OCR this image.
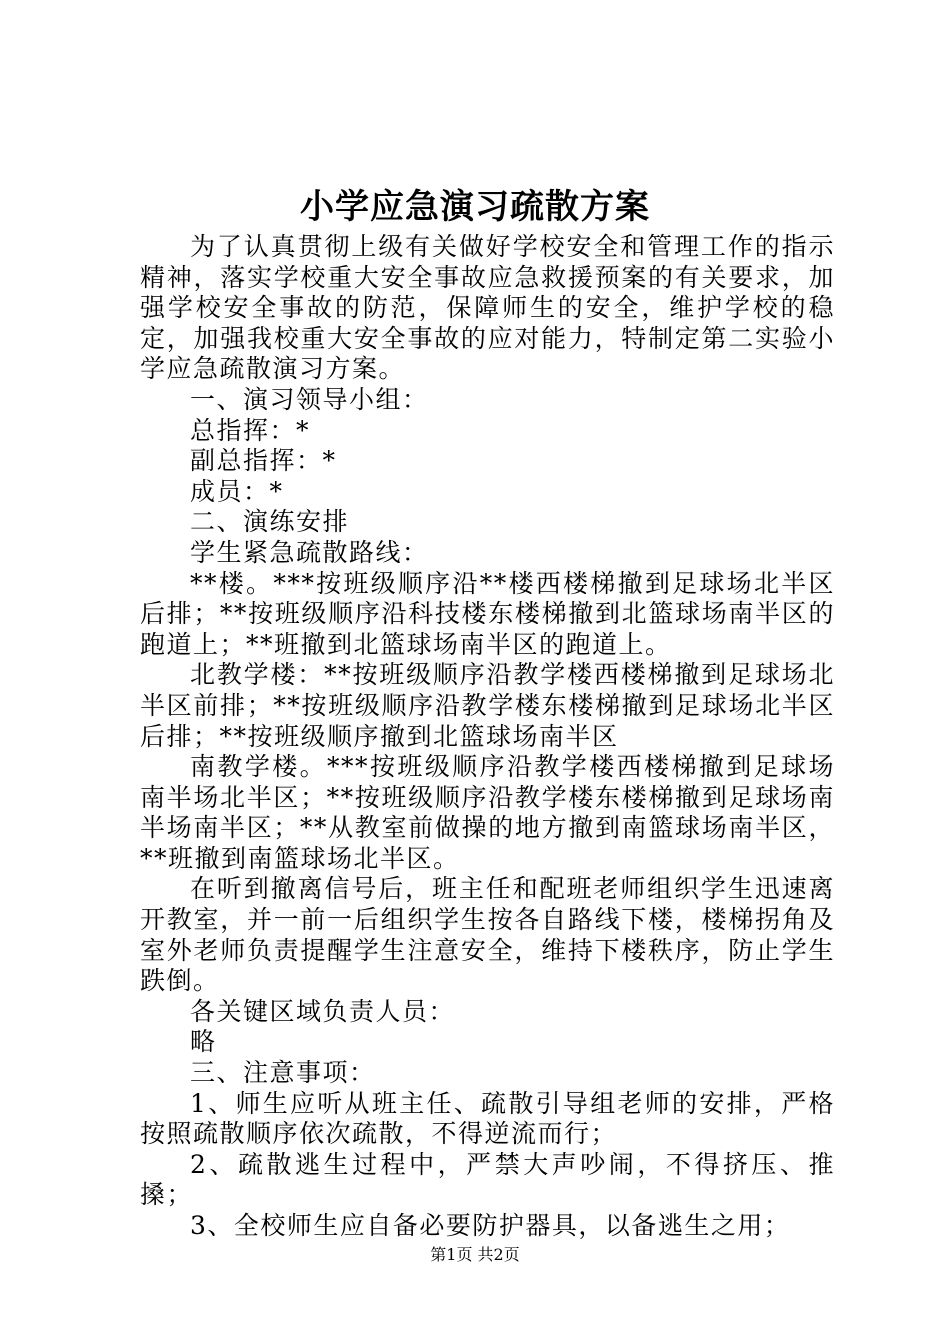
小学应急演习疏散方案

为了认真贯彻上级有关做好学校安全和管理工作的指示精神，落实学校重大安全事故应急救援预案的有关要求，加强学校安全事故的防范，保障师生的安全，维护学校的稳定，加强我校重大安全事故的应对能力，特制定第二实验小学应急疏散演习方案。

一、演习领导小组：

总指挥：*

副总指挥：*

成员：*

二、演练安排

学生紧急疏散路线：

**楼。***按班级顺序沿**楼西楼梯撤到足球场北半区后排；**按班级顺序沿科技楼东楼梯撤到北篮球场南半区的跑道上；**班撤到北篮球场南半区的跑道上。

北教学楼：**按班级顺序沿教学楼西楼梯撤到足球场北半区前排；**按班级顺序沿教学楼东楼梯撤到足球场北半区后排；**按班级顺序撤到北篮球场南半区

南教学楼。***按班级顺序沿教学楼西楼梯撤到足球场南半场北半区；**按班级顺序沿教学楼东楼梯撤到足球场南半场南半区；**从教室前做操的地方撤到南篮球场南半区，**班撤到南篮球场北半区。

在听到撤离信号后，班主任和配班老师组织学生迅速离开教室，并一前一后组织学生按各自路线下楼，楼梯拐角及室外老师负责提醒学生注意安全，维持下楼秩序，防止学生跌倒。

各关键区域负责人员：

略

三、注意事项：

1、师生应听从班主任、疏散引导组老师的安排，严格按照疏散顺序依次疏散，不得逆流而行；

2、疏散逃生过程中，严禁大声吵闹，不得挤压、推搡；

3、全校师生应自备必要防护器具，以备逃生之用；

第1页 共2页
